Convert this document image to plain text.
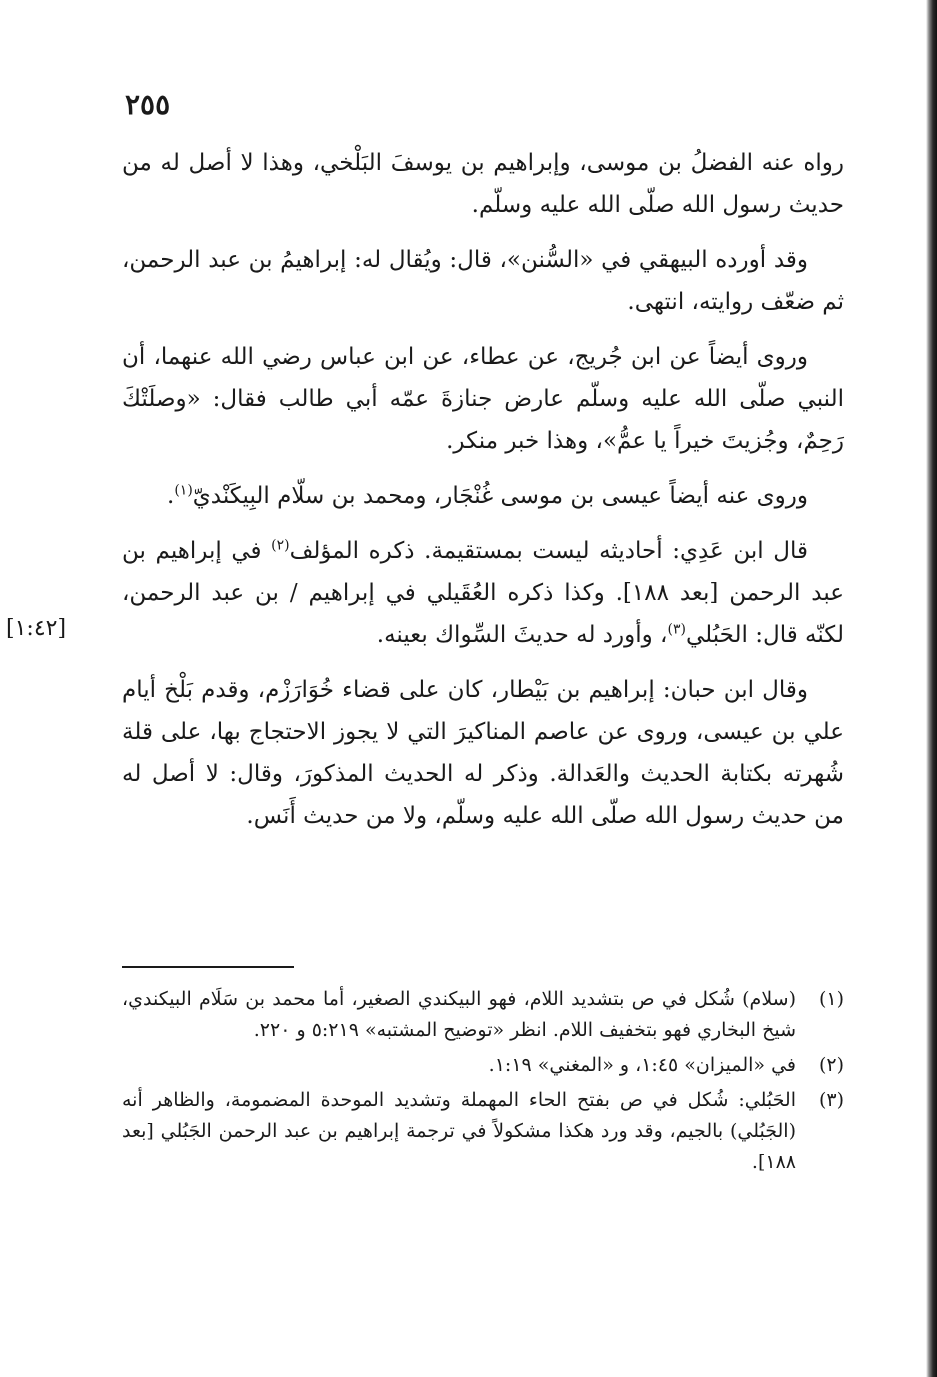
٢٥٥
[١:٤٢]

رواه عنه الفضلُ بن موسى، وإبراهيم بن يوسفَ البَلْخي، وهذا لا أصل له من حديث رسول الله صلّى الله عليه وسلّم.

وقد أورده البيهقي في «السُّنن»، قال: ويُقال له: إبراهيمُ بن عبد الرحمن، ثم ضعّف روايته، انتهى.

وروى أيضاً عن ابن جُريج، عن عطاء، عن ابن عباس رضي الله عنهما، أن النبي صلّى الله عليه وسلّم عارض جنازةَ عمّه أبي طالب فقال: «وصلَتْكَ رَحِمٌ، وجُزيتَ خيراً يا عمُّ»، وهذا خبر منكر.

وروى عنه أيضاً عيسى بن موسى غُنْجَار، ومحمد بن سلّام البِيكَنْديّ$^{(١)}$.

قال ابن عَدِي: أحاديثه ليست بمستقيمة. ذكره المؤلف$^{(٢)}$ في إبراهيم بن عبد الرحمن [بعد ١٨٨]. وكذا ذكره العُقَيلي في إبراهيم / بن عبد الرحمن، لكنّه قال: الحَبُلي$^{(٣)}$، وأورد له حديثَ السِّواك بعينه.

وقال ابن حبان: إبراهيم بن بَيْطار، كان على قضاء خُوَارَزْم، وقدم بَلْخ أيام علي بن عيسى، وروى عن عاصم المناكيرَ التي لا يجوز الاحتجاج بها، على قلة شُهرته بكتابة الحديث والعَدالة. وذكر له الحديث المذكورَ، وقال: لا أصل له من حديث رسول الله صلّى الله عليه وسلّم، ولا من حديث أَنَس.

(١)
(سلام) شُكل في ص بتشديد اللام، فهو البيكندي الصغير، أما محمد بن سَلَام البيكندي، شيخ البخاري فهو بتخفيف اللام. انظر «توضيح المشتبه» ٥:٢١٩ و ٢٢٠.
(٢)
في «الميزان» ١:٤٥، و «المغني» ١:١٩.
(٣)
الحَبُلي: شُكل في ص بفتح الحاء المهملة وتشديد الموحدة المضمومة، والظاهر أنه (الجَبُلي) بالجيم، وقد ورد هكذا مشكولاً في ترجمة إبراهيم بن عبد الرحمن الجَبُلي [بعد ١٨٨].
